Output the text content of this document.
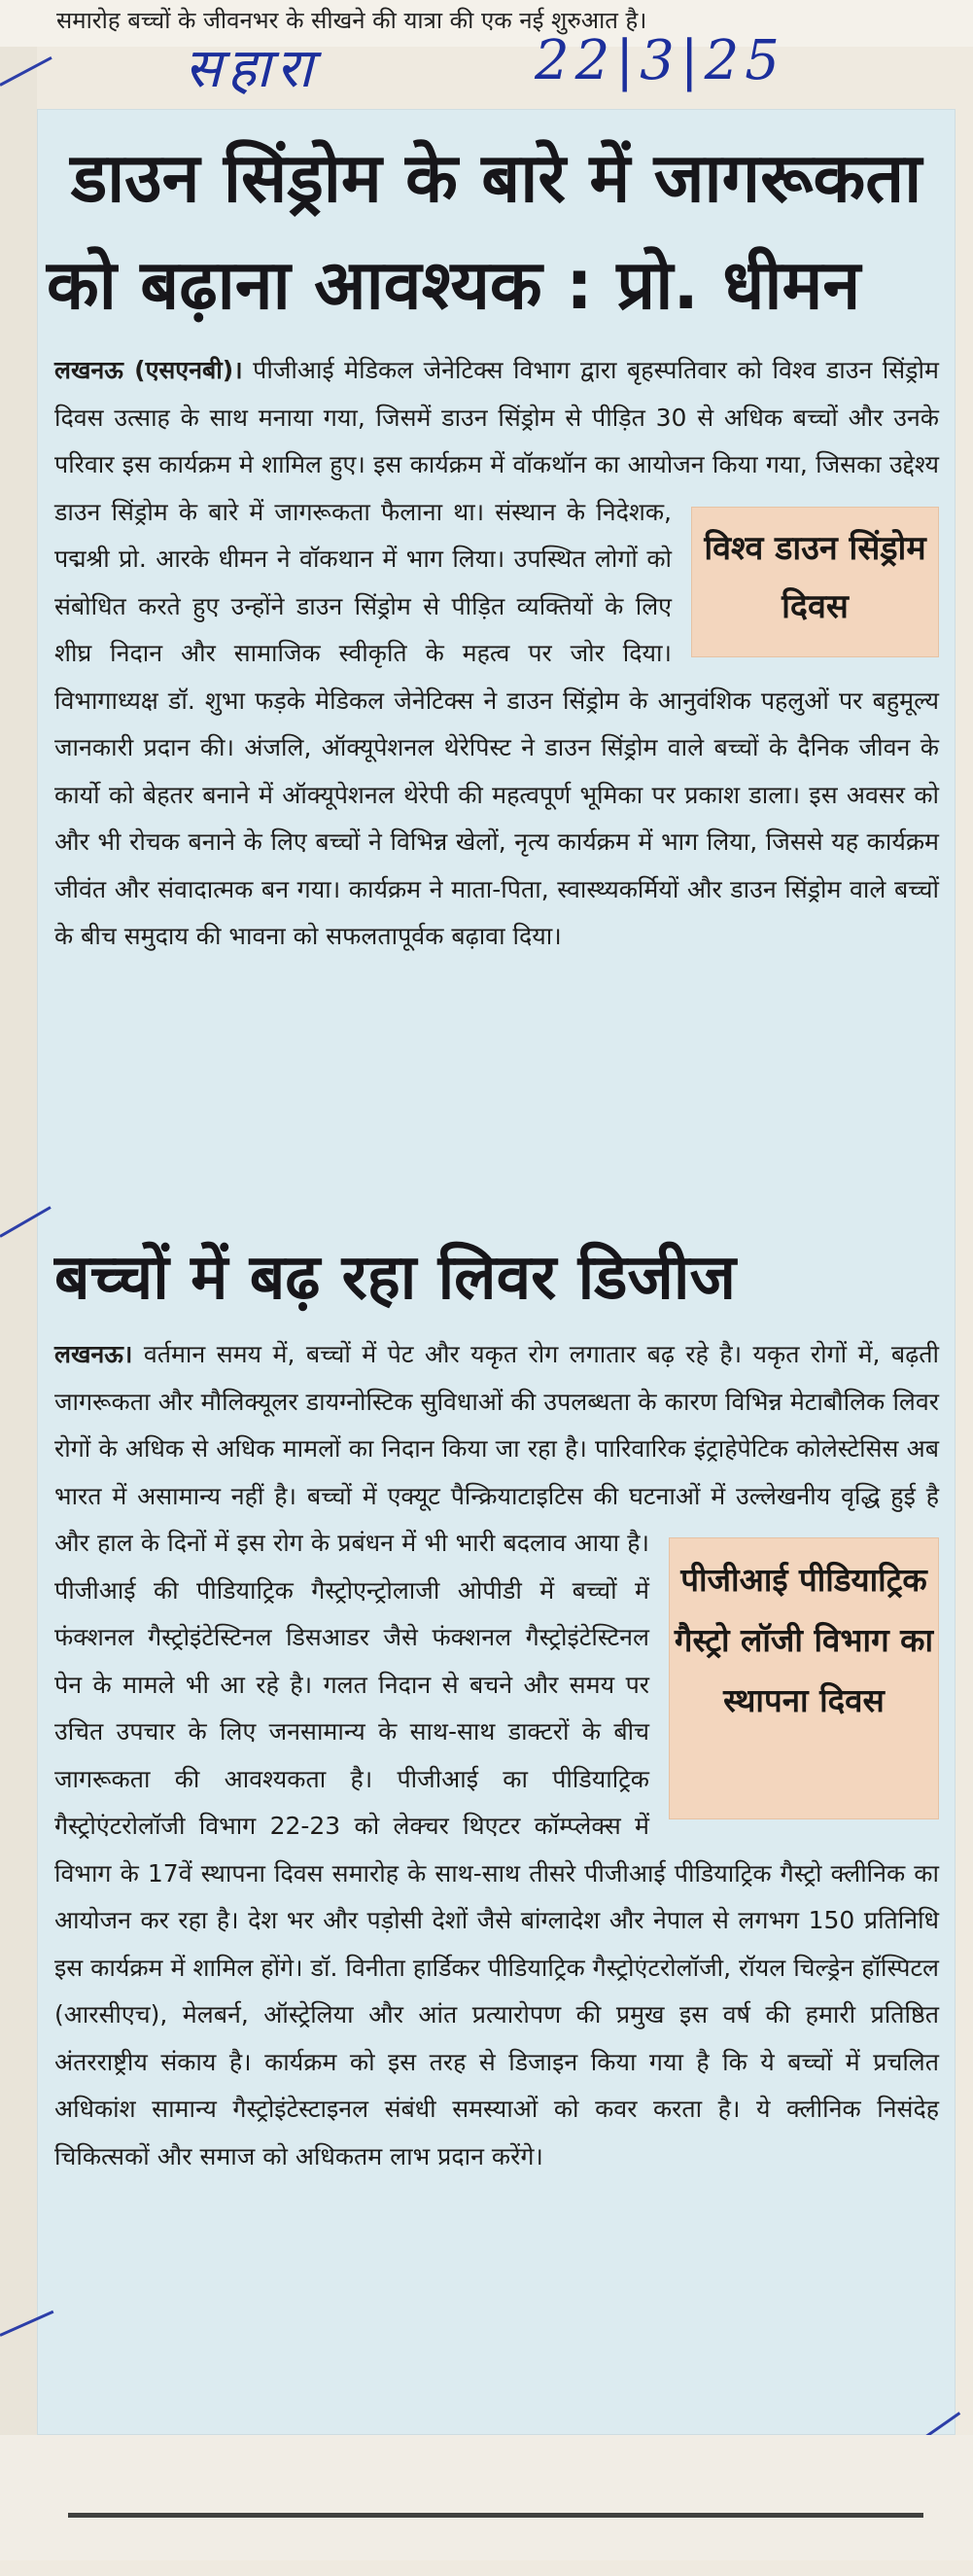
समारोह बच्चों के जीवनभर के सीखने की यात्रा की एक नई शुरुआत है।
सहारा	22|3|25
डाउन सिंड्रोम के बारे में जागरूकता
को बढ़ाना आवश्यक : प्रो. धीमन

लखनऊ (एसएनबी)। पीजीआई मेडिकल जेनेटिक्स विभाग द्वारा बृहस्पतिवार को विश्व डाउन सिंड्रोम दिवस उत्साह के साथ मनाया गया, जिसमें डाउन सिंड्रोम से पीड़ित 30 से अधिक बच्चों और उनके परिवार इस कार्यक्रम मे शामिल हुए। इस कार्यक्रम में वॉकथॉन का आयोजन किया गया,
विश्व डाउन सिंड्रोम दिवस
जिसका उद्देश्य डाउन सिंड्रोम के बारे में जागरूकता फैलाना था। संस्थान के निदेशक, पद्मश्री प्रो. आरके धीमन ने वॉकथान में भाग लिया। उपस्थित लोगों को संबोधित करते हुए उन्होंने डाउन सिंड्रोम से पीड़ित व्यक्तियों के लिए शीघ्र निदान और सामाजिक स्वीकृति के महत्व पर जोर दिया। विभागाध्यक्ष डॉ. शुभा फड़के मेडिकल जेनेटिक्स ने डाउन सिंड्रोम के आनुवंशिक पहलुओं पर बहुमूल्य जानकारी प्रदान की। अंजलि, ऑक्यूपेशनल थेरेपिस्ट ने डाउन सिंड्रोम वाले बच्चों के दैनिक जीवन के कार्यो को बेहतर बनाने में ऑक्यूपेशनल थेरेपी की महत्वपूर्ण भूमिका पर प्रकाश डाला। इस अवसर को और भी रोचक बनाने के लिए बच्चों ने विभिन्न खेलों, नृत्य कार्यक्रम में भाग लिया, जिससे यह कार्यक्रम जीवंत और संवादात्मक बन गया। कार्यक्रम ने माता-पिता, स्वास्थ्यकर्मियों और डाउन सिंड्रोम वाले बच्चों के बीच समुदाय की भावना को सफलतापूर्वक बढ़ावा दिया।

बच्चों में बढ़ रहा लिवर डिजीज

लखनऊ। वर्तमान समय में, बच्चों में पेट और यकृत रोग लगातार बढ़ रहे है। यकृत रोगों में, बढ़ती जागरूकता और मौलिक्यूलर डायग्नोस्टिक सुविधाओं की उपलब्धता के कारण विभिन्न मेटाबौलिक लिवर रोगों के अधिक से अधिक मामलों का निदान किया जा रहा है। पारिवारिक इंट्राहेपेटिक कोलेस्टेसिस अब भारत में असामान्य नहीं है। बच्चों में एक्यूट पैन्क्रियाटाइटिस की घटनाओं में उल्लेखनीय वृद्धि हुई है और हाल के दिनों में इस रोग के
पीजीआई पीडियाट्रिक गैस्ट्रो लॉजी विभाग का स्थापना दिवस
प्रबंधन में भी भारी बदलाव आया है। पीजीआई की पीडियाट्रिक गैस्ट्रोएन्ट्रोलाजी ओपीडी में बच्चों में फंक्शनल गैस्ट्रोइंटेस्टिनल डिसआडर जैसे फंक्शनल गैस्ट्रोइंटेस्टिनल पेन के मामले भी आ रहे है। गलत निदान से बचने और समय पर उचित उपचार के लिए जनसामान्य के साथ-साथ डाक्टरों के बीच जागरूकता की आवश्यकता है। पीजीआई का पीडियाट्रिक गैस्ट्रोएंटरोलॉजी विभाग 22-23 को लेक्चर थिएटर कॉम्प्लेक्स में विभाग के 17वें स्थापना दिवस समारोह के साथ-साथ तीसरे पीजीआई पीडियाट्रिक गैस्ट्रो क्लीनिक का आयोजन कर रहा है। देश भर और पड़ोसी देशों जैसे बांग्लादेश और नेपाल से लगभग 150 प्रतिनिधि इस कार्यक्रम में शामिल होंगे। डॉ. विनीता हार्डिकर पीडियाट्रिक गैस्ट्रोएंटरोलॉजी, रॉयल चिल्ड्रेन हॉस्पिटल (आरसीएच), मेलबर्न, ऑस्ट्रेलिया और आंत प्रत्यारोपण की प्रमुख इस वर्ष की हमारी प्रतिष्ठित अंतरराष्ट्रीय संकाय है। कार्यक्रम को इस तरह से डिजाइन किया गया है कि ये बच्चों में प्रचलित अधिकांश सामान्य गैस्ट्रोइंटेस्टाइनल संबंधी समस्याओं को कवर करता है। ये क्लीनिक निसंदेह चिकित्सकों और समाज को अधिकतम लाभ प्रदान करेंगे।
